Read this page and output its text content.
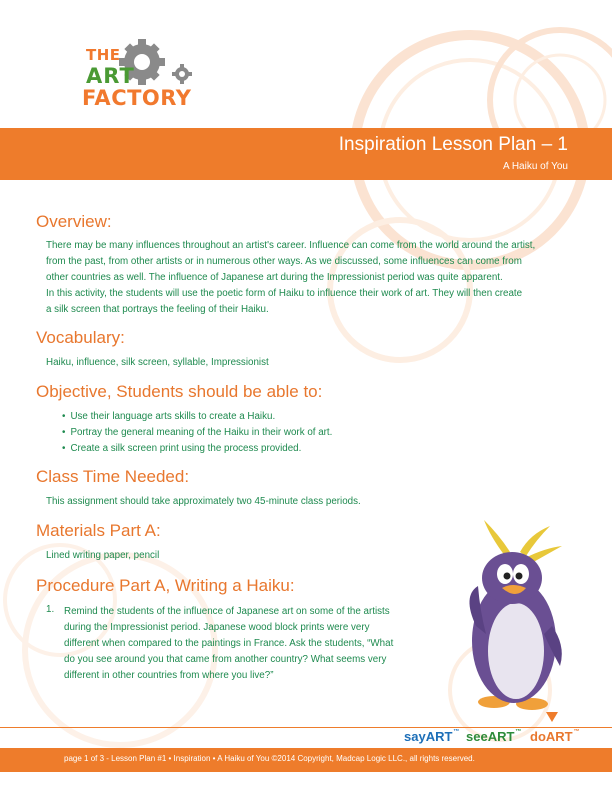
THE
ART
FACTORY
Inspiration Lesson Plan – 1
A Haiku of You
Overview:
There may be many influences throughout an artist's career. Influence can come from the world around the artist,
from the past, from other artists or in numerous other ways. As we discussed, some influences can come from
other countries as well. The influence of Japanese art during the Impressionist period was quite apparent.
In this activity, the students will use the poetic form of Haiku to influence their work of art. They will then create
a silk screen that portrays the feeling of their Haiku.
Vocabulary:
Haiku, influence, silk screen, syllable, Impressionist
Objective, Students should be able to:
• Use their language arts skills to create a Haiku.
• Portray the general meaning of the Haiku in their work of art.
• Create a silk screen print using the process provided.
Class Time Needed:
This assignment should take approximately two 45-minute class periods.
Materials Part A:
Lined writing paper, pencil
Procedure Part A, Writing a Haiku:
1. Remind the students of the influence of Japanese art on some of the artists
during the Impressionist period. Japanese wood block prints were very
different when compared to the paintings in France. Ask the students, “What
do you see around you that came from another country? What seems very
different in other countries from where you live?”
sayART™ seeART™ doART™
page 1 of 3 - Lesson Plan #1 • Inspiration • A Haiku of You ©2014 Copyright, Madcap Logic LLC., all rights reserved.
